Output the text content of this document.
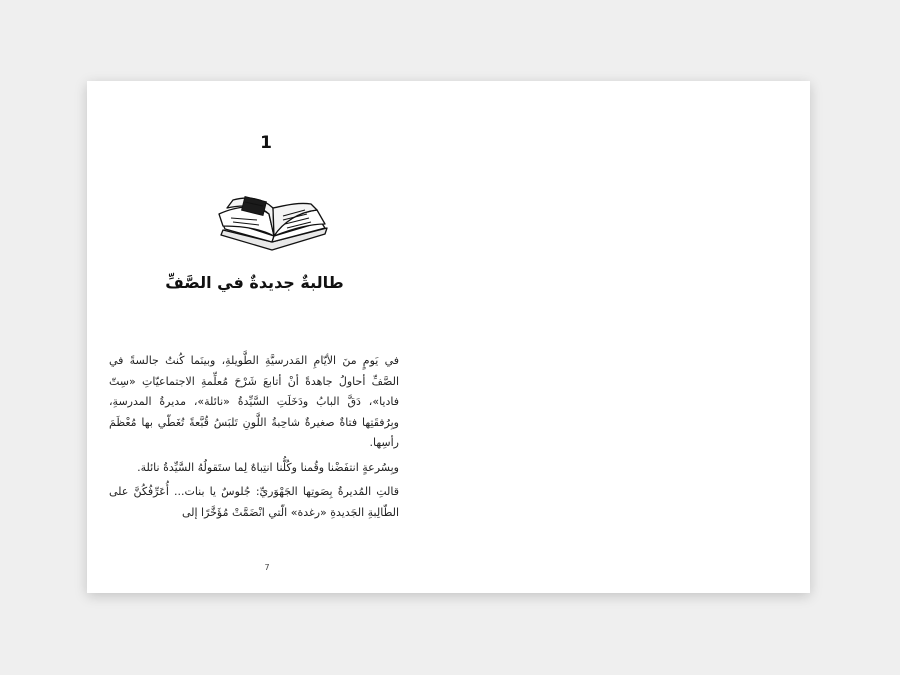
1
طالبةٌ جديدةٌ في الصَّفِّ

في يَومٍ منَ الأيّامِ المَدرسيَّةِ الطَّويلةِ، وبينَما كُنتُ جالسةً في الصَّفِّ أحاولُ جاهدةً أنْ أتابعَ شَرْحَ مُعلِّمةِ الاجتماعيّاتِ «سِتّ فاديا»، دَقَّ البابُ ودَخَلَتِ السَّيِّدةُ «نائلة»، مديرةُ المدرسةِ، وبِرُفقَتِها فتاةٌ صغيرةٌ شاحِبةُ اللَّونِ تَلبَسُ قُبَّعةً تُغَطّي بها مُعْظَمَ رأسِها.

وبِسُرعةٍ انتفَضْنا وقُمنا وكُلُّنا انتِباهٌ لِما ستَقولُهُ السَّيِّدةُ نائلة.

قالتِ المُديرةُ بِصَوتِها الجَهْوَريِّ: جُلوسٌ يا بنات... أُعَرِّفُكُنَّ على الطّالِبةِ الجَديدةِ «رغدة» الّتي انْضَمَّتْ مُؤَخَّرًا إلى

7
